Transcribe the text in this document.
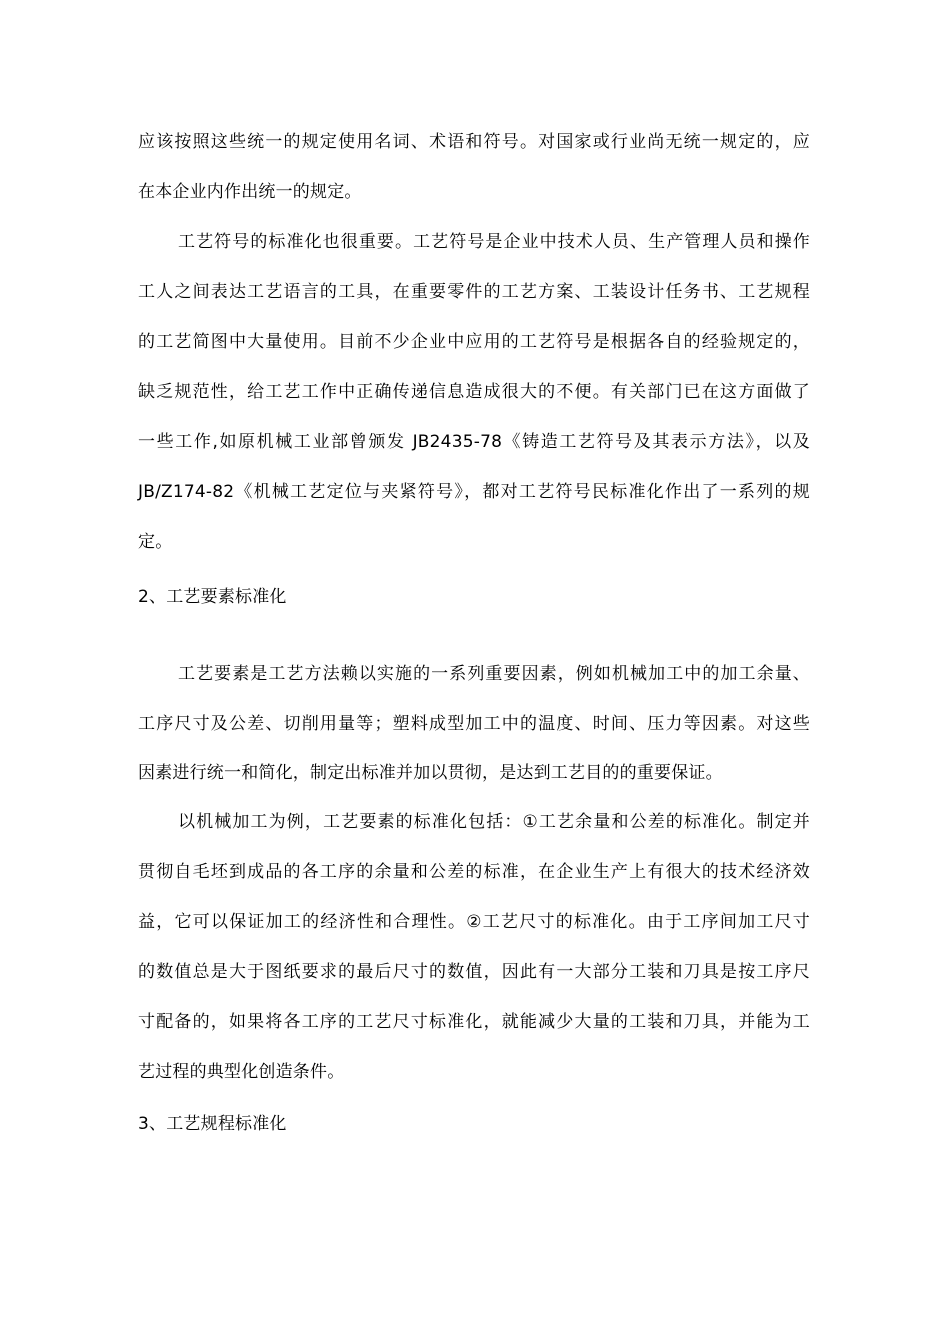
应该按照这些统一的规定使用名词、术语和符号。对国家或行业尚无统一规定的，应
在本企业内作出统一的规定。
工艺符号的标准化也很重要。工艺符号是企业中技术人员、生产管理人员和操作
工人之间表达工艺语言的工具，在重要零件的工艺方案、工装设计任务书、工艺规程
的工艺简图中大量使用。目前不少企业中应用的工艺符号是根据各自的经验规定的，
缺乏规范性，给工艺工作中正确传递信息造成很大的不便。有关部门已在这方面做了
一些工作,如原机械工业部曾颁发 JB2435-78《铸造工艺符号及其表示方法》，以及
JB/Z174-82《机械工艺定位与夹紧符号》，都对工艺符号民标准化作出了一系列的规
定。
2、工艺要素标准化
工艺要素是工艺方法赖以实施的一系列重要因素，例如机械加工中的加工余量、
工序尺寸及公差、切削用量等；塑料成型加工中的温度、时间、压力等因素。对这些
因素进行统一和简化，制定出标准并加以贯彻，是达到工艺目的的重要保证。
以机械加工为例，工艺要素的标准化包括：①工艺余量和公差的标准化。制定并
贯彻自毛坯到成品的各工序的余量和公差的标准，在企业生产上有很大的技术经济效
益，它可以保证加工的经济性和合理性。②工艺尺寸的标准化。由于工序间加工尺寸
的数值总是大于图纸要求的最后尺寸的数值，因此有一大部分工装和刀具是按工序尺
寸配备的，如果将各工序的工艺尺寸标准化，就能减少大量的工装和刀具，并能为工
艺过程的典型化创造条件。
3、工艺规程标准化
